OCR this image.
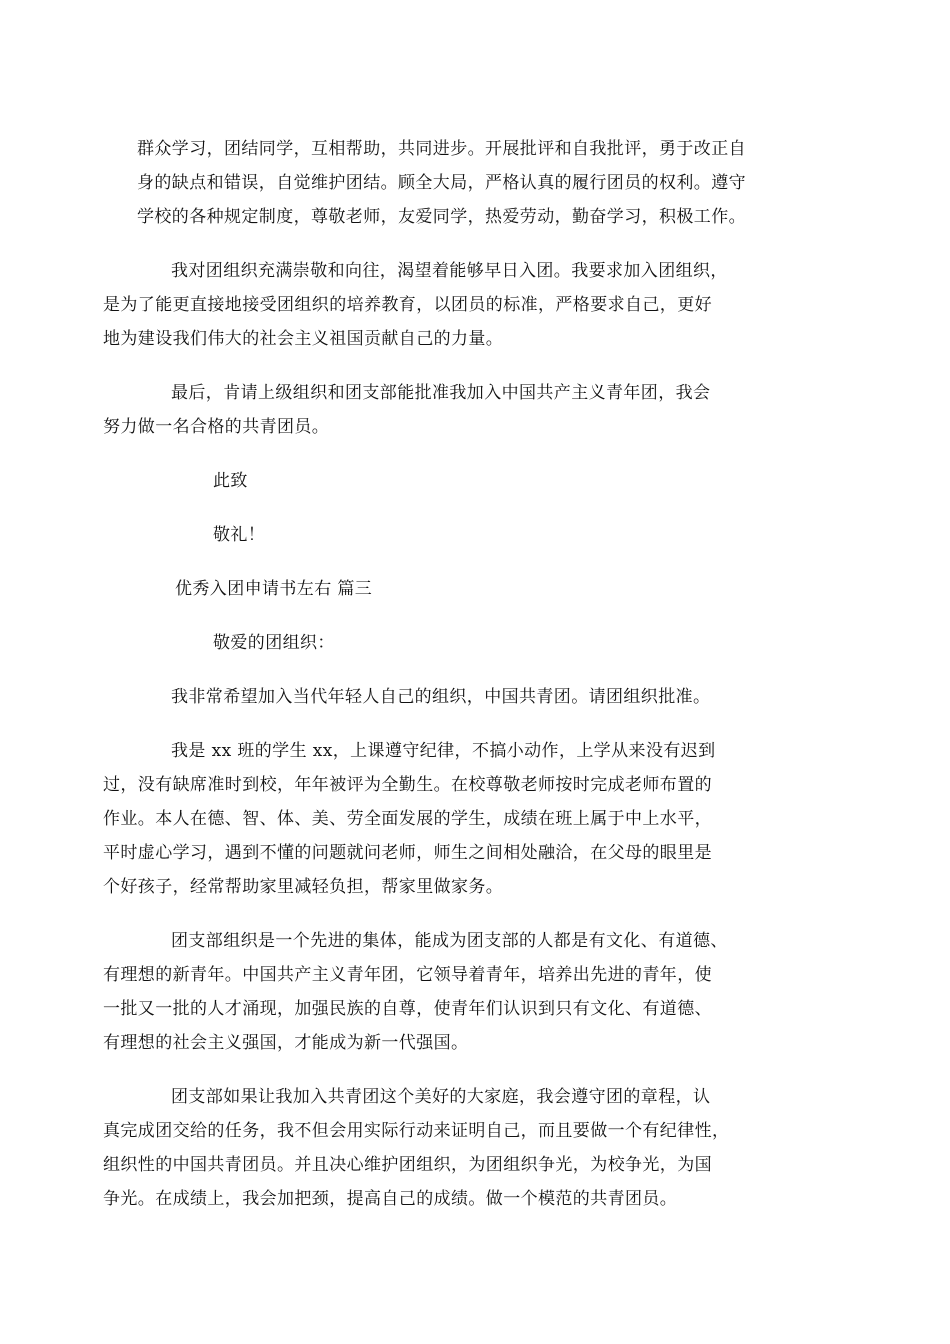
群众学习，团结同学，互相帮助，共同进步。开展批评和自我批评，勇于改正自
身的缺点和错误，自觉维护团结。顾全大局，严格认真的履行团员的权利。遵守
学校的各种规定制度，尊敬老师，友爱同学，热爱劳动，勤奋学习，积极工作。

我对团组织充满崇敬和向往，渴望着能够早日入团。我要求加入团组织，
是为了能更直接地接受团组织的培养教育，以团员的标准，严格要求自己，更好
地为建设我们伟大的社会主义祖国贡献自己的力量。

最后，肯请上级组织和团支部能批准我加入中国共产主义青年团，我会
努力做一名合格的共青团员。

此致
敬礼！
优秀入团申请书左右 篇三
敬爱的团组织：

我非常希望加入当代年轻人自己的组织，中国共青团。请团组织批准。

我是 xx 班的学生 xx，上课遵守纪律，不搞小动作，上学从来没有迟到
过，没有缺席准时到校，年年被评为全勤生。在校尊敬老师按时完成老师布置的
作业。本人在德、智、体、美、劳全面发展的学生，成绩在班上属于中上水平，
平时虚心学习，遇到不懂的问题就问老师，师生之间相处融洽，在父母的眼里是
个好孩子，经常帮助家里减轻负担，帮家里做家务。

团支部组织是一个先进的集体，能成为团支部的人都是有文化、有道德、
有理想的新青年。中国共产主义青年团，它领导着青年，培养出先进的青年，使
一批又一批的人才涌现，加强民族的自尊，使青年们认识到只有文化、有道德、
有理想的社会主义强国，才能成为新一代强国。

团支部如果让我加入共青团这个美好的大家庭，我会遵守团的章程，认
真完成团交给的任务，我不但会用实际行动来证明自己，而且要做一个有纪律性，
组织性的中国共青团员。并且决心维护团组织，为团组织争光，为校争光，为国
争光。在成绩上，我会加把颈，提高自己的成绩。做一个模范的共青团员。
